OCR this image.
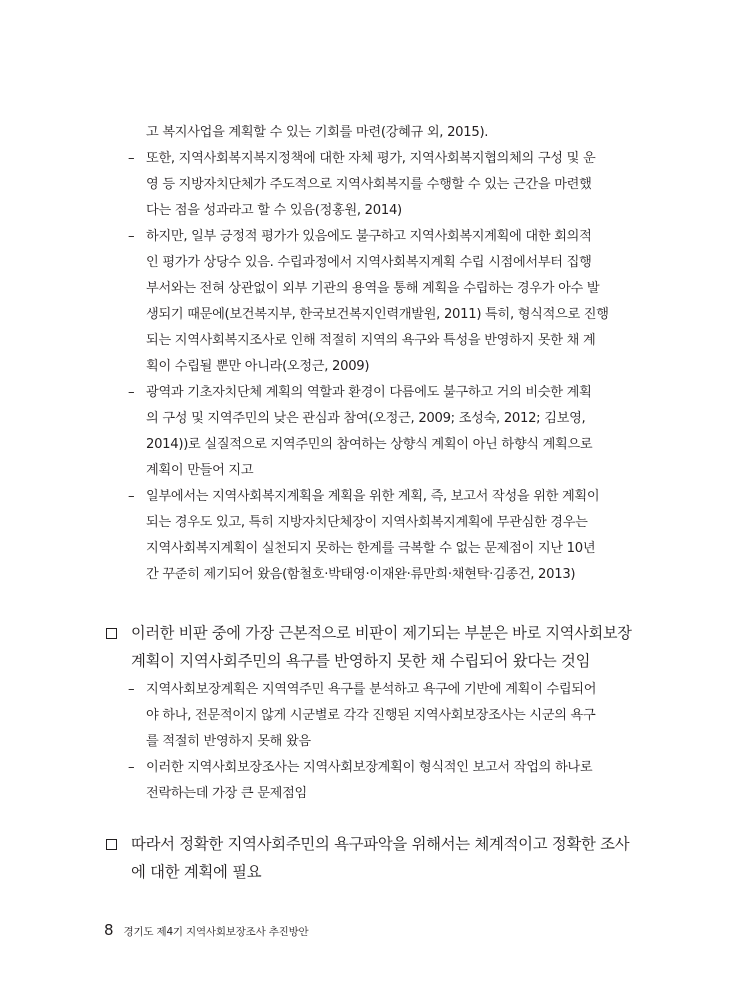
고 복지사업을 계획할 수 있는 기회를 마련(강혜규 외, 2015).
– 또한, 지역사회복지복지정책에 대한 자체 평가, 지역사회복지협의체의 구성 및 운
영 등 지방자치단체가 주도적으로 지역사회복지를 수행할 수 있는 근간을 마련했
다는 점을 성과라고 할 수 있음(정홍원, 2014)
– 하지만, 일부 긍정적 평가가 있음에도 불구하고 지역사회복지계획에 대한 회의적
인 평가가 상당수 있음. 수립과정에서 지역사회복지계획 수립 시점에서부터 집행
부서와는 전혀 상관없이 외부 기관의 용역을 통해 계획을 수립하는 경우가 아수 발
생되기 때문에(보건복지부, 한국보건복지인력개발원, 2011) 특히, 형식적으로 진행
되는 지역사회복지조사로 인해 적절히 지역의 욕구와 특성을 반영하지 못한 채 계
획이 수립될 뿐만 아니라(오정근, 2009)
– 광역과 기초자치단체 계획의 역할과 환경이 다름에도 불구하고 거의 비슷한 계획
의 구성 및 지역주민의 낮은 관심과 참여(오정근, 2009; 조성숙, 2012; 김보영,
2014))로 실질적으로 지역주민의 참여하는 상향식 계획이 아닌 하향식 계획으로
계획이 만들어 지고
– 일부에서는 지역사회복지계획을 계획을 위한 계획, 즉, 보고서 작성을 위한 계획이
되는 경우도 있고, 특히 지방자치단체장이 지역사회복지계획에 무관심한 경우는
지역사회복지계획이 실천되지 못하는 한계를 극복할 수 없는 문제점이 지난 10년
간 꾸준히 제기되어 왔음(함철호·박태영·이재완·류만희·채현탁·김종건, 2013)
이러한 비판 중에 가장 근본적으로 비판이 제기되는 부분은 바로 지역사회보장
계획이 지역사회주민의 욕구를 반영하지 못한 채 수립되어 왔다는 것임
– 지역사회보장계획은 지역역주민 욕구를 분석하고 욕구에 기반에 계획이 수립되어
야 하나, 전문적이지 않게 시군별로 각각 진행된 지역사회보장조사는 시군의 욕구
를 적절히 반영하지 못해 왔음
– 이러한 지역사회보장조사는 지역사회보장계획이 형식적인 보고서 작업의 하나로
전락하는데 가장 큰 문제점임
따라서 정확한 지역사회주민의 욕구파악을 위해서는 체계적이고 정확한 조사
에 대한 계획에 필요
8 경기도 제4기 지역사회보장조사 추진방안
